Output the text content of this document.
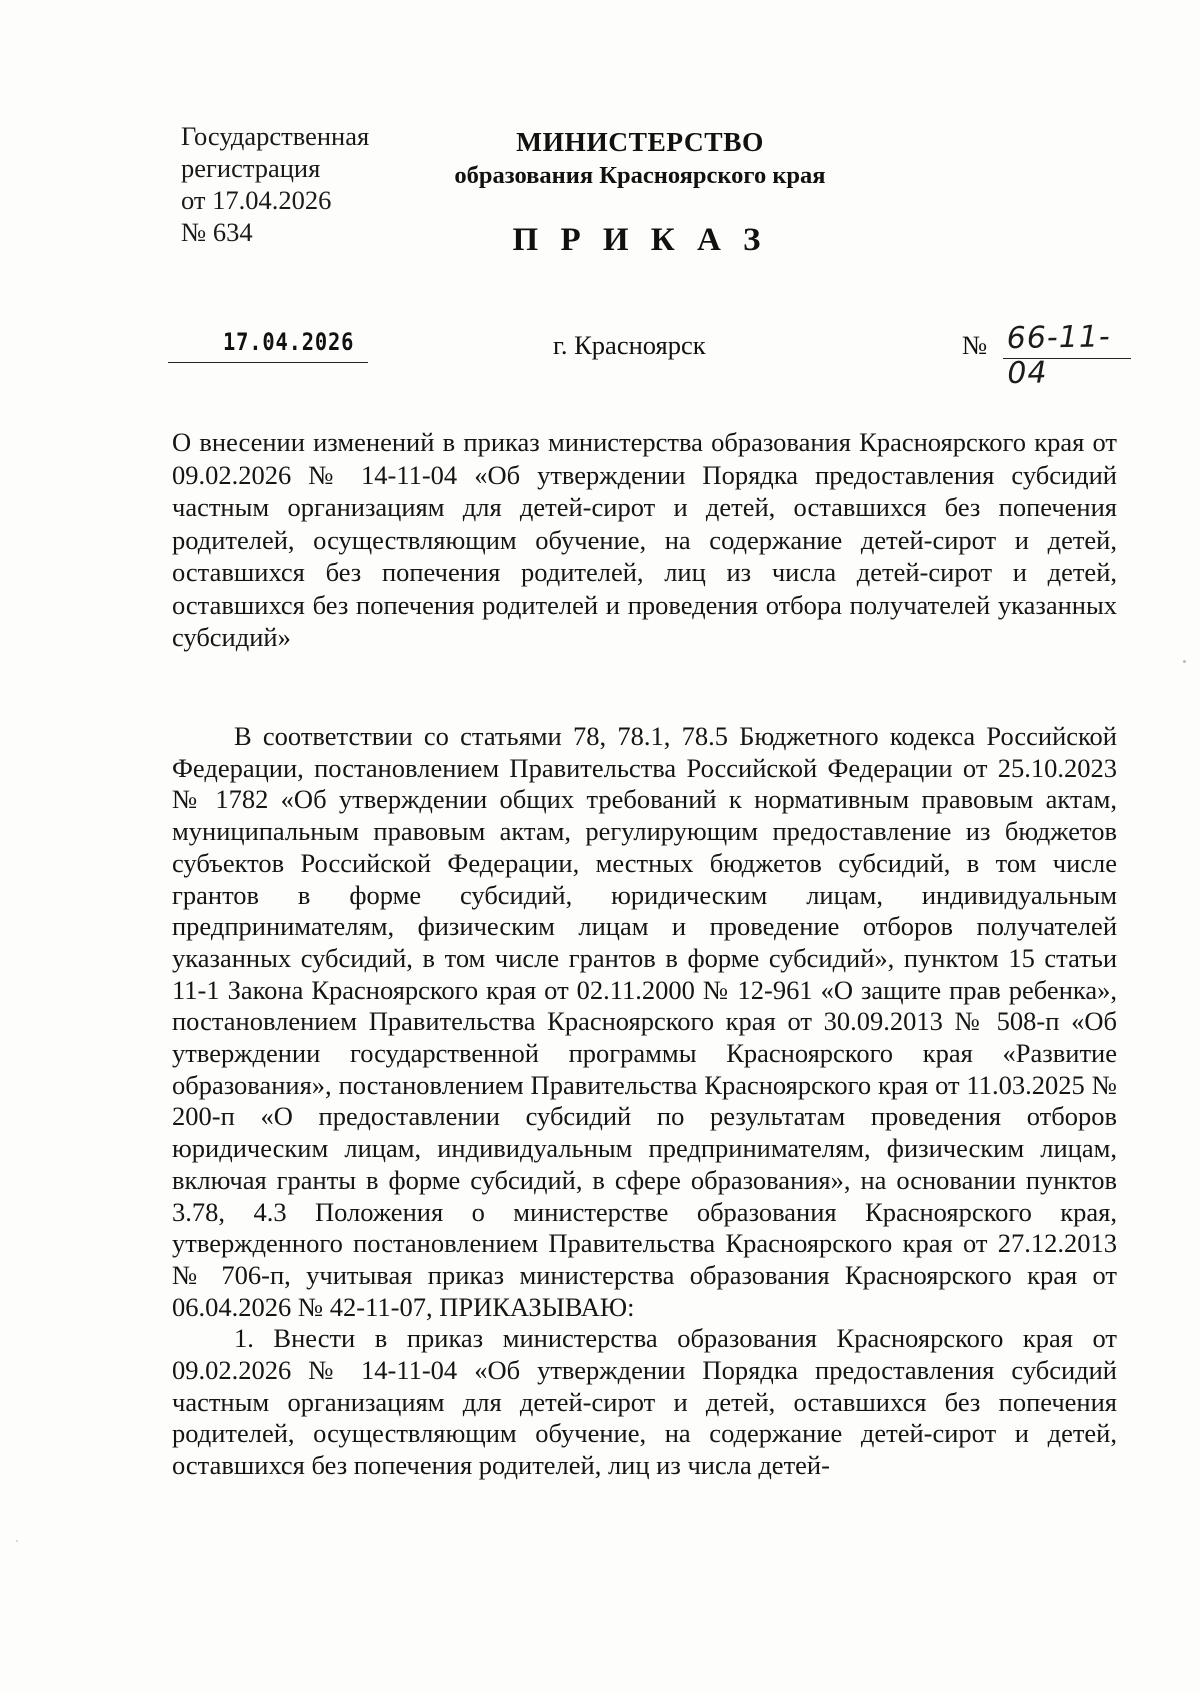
Государственная
регистрация
от 17.04.2026
№ 634
МИНИСТЕРСТВО
образования Красноярского края
П Р И К А З
17.04.2026	г. Красноярск	№ 66-11-04
О внесении изменений в приказ министерства образования Красноярского края от 09.02.2026 № 14-11-04 «Об утверждении Порядка предоставления субсидий частным организациям для детей-сирот и детей, оставшихся без попечения родителей, осуществляющим обучение, на содержание детей-сирот и детей, оставшихся без попечения родителей, лиц из числа детей-сирот и детей, оставшихся без попечения родителей и проведения отбора получателей указанных субсидий»

В соответствии со статьями 78, 78.1, 78.5 Бюджетного кодекса Российской Федерации, постановлением Правительства Российской Федерации от 25.10.2023 № 1782 «Об утверждении общих требований к нормативным правовым актам, муниципальным правовым актам, регулирующим предоставление из бюджетов субъектов Российской Федерации, местных бюджетов субсидий, в том числе грантов в форме субсидий, юридическим лицам, индивидуальным предпринимателям, физическим лицам и проведение отборов получателей указанных субсидий, в том числе грантов в форме субсидий», пунктом 15 статьи 11-1 Закона Красноярского края от 02.11.2000 № 12-961 «О защите прав ребенка», постановлением Правительства Красноярского края от 30.09.2013 № 508-п «Об утверждении государственной программы Красноярского края «Развитие образования», постановлением Правительства Красноярского края от 11.03.2025 № 200-п «О предоставлении субсидий по результатам проведения отборов юридическим лицам, индивидуальным предпринимателям, физическим лицам, включая гранты в форме субсидий, в сфере образования», на основании пунктов 3.78, 4.3 Положения о министерстве образования Красноярского края, утвержденного постановлением Правительства Красноярского края от 27.12.2013 № 706-п, учитывая приказ министерства образования Красноярского края от 06.04.2026 № 42-11-07, ПРИКАЗЫВАЮ:

1. Внести в приказ министерства образования Красноярского края от 09.02.2026 № 14-11-04 «Об утверждении Порядка предоставления субсидий частным организациям для детей-сирот и детей, оставшихся без попечения родителей, осуществляющим обучение, на содержание детей-сирот и детей, оставшихся без попечения родителей, лиц из числа детей-
